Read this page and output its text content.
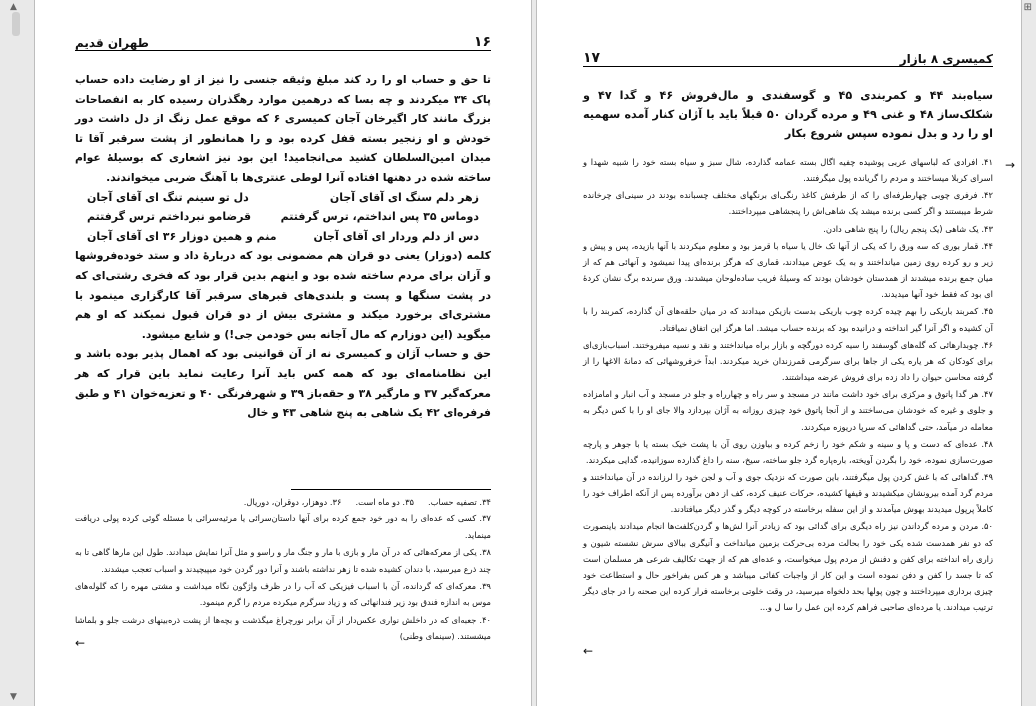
▲
▼
⊞
۱۶
طهران قدیم

تا حق و حساب او را رد کند مبلغ وثیقه جنسی را نیز از او رضایت داده حساب پاک ۳۴ میکردند و چه بسا که درهمین موارد رهگذران رسیده کار به انفصاحات بزرگ مانند کار اگیرخان آجان کمیسری ۶ که موقع عمل زنگ از دل داشت دور خودش و او زنجیر بسته قفل کرده بود و را همانطور از پشت سرقبر آقا تا میدان امین‌السلطان کشید می‌انجامید! این بود نیز اشعاری که بوسیلهٔ عوام ساخته شده در دهنها افتاده آنرا لوطی عنتری‌ها با آهنگ ضربی میخواندند.

زهر دلم سنگ ای آقای آجان
دل تو سینم تنگ ای آقای آجان
دوماس ۳۵ پس انداختم، ترس گرفتتم
قرضامو نبرداختم ترس گرفتتم
دس از دلم وردار ای آقای آجان
منم و همین دوزار ۳۶ ای آقای آجان

کلمه (دوزار) یعنی دو قران هم مضمونی بود که دربارهٔ داد و ستد خوده‌فروشها و آزان برای مردم ساخته شده بود و اینهم بدین قرار بود که فخری رشتی‌ای که در پشت سنگها و پست و بلندی‌های قبرهای سرقبر آقا کارگزاری مینمود با مشتری‌ای برخورد میکند و مشتری بیش از دو قران قبول نمیکند که او هم میگوید (این دوزارم که مال آجانه بس خودمن جی!) و شایع میشود.

حق و حساب آژان و کمیسری نه از آن قوانینی بود که اهمال پذیر بوده باشد و این نظامنامه‌ای بود که همه کس باید آنرا رعایت نماید باین قرار که هر معرکه‌گیر ۳۷ و مارگیر ۳۸ و حقه‌باز ۳۹ و شهرفرنگی ۴۰ و تعزیه‌خوان ۴۱ و طبق فرفره‌ای ۴۲ یک شاهی به پنج شاهی ۴۳ و خال

۳۴. تصفیه حساب.
۳۵. دو ماه است.
۳۶. دوهزار، دوقران، دوریال.

۳۷. کسی که عده‌ای را به دور خود جمع کرده برای آنها داستان‌سرائی یا مرثیه‌سرائی با مسئله گوئی کرده پولی دریافت مینماید.

۳۸. یکی از معرکه‌هائی که در آن مار و بازی با مار و جنگ مار و راسو و مثل آنرا نمایش میدادند. طول این مارها گاهی تا به چند ذرع میرسید، با دندان کشیده شده تا زهر نداشته باشند و آنرا دور گردن خود میپیچیدند و اسباب تعجب میشدند.

۳۹. معرکه‌ای که گردانده، آن با اسباب فیزیکی که آب را در ظرف واژگون نگاه میداشت و مشتی مهره را که گلوله‌های موس به اندازه فندق بود زیر فندانهائی که و زیاد سرگرم میکرده مردم را گرم مینمود.

۴۰. جعبه‌ای که در داخلش نواری عکس‌دار از آن برابر نورچراغ میگذشت و بچه‌ها از پشت ذره‌بینهای درشت جلو و بلماشا میشستند. (سینمای وطنی)

←
کمیسری ۸ بازار
۱۷

سیاه‌بند ۴۴ و کمربندی ۴۵ و گوسفندی و مال‌فروش ۴۶ و گدا ۴۷ و شکلک‌ساز ۴۸ و غنی ۴۹ و مرده گردان ۵۰ قبلاً باید با آژان کنار آمده سهمیه او را رد و بدل نموده سپس شروع بکار

۴۱. افرادی که لباسهای عربی پوشیده چفیه اگال بسته عمامه گذارده، شال سبز و سیاه بسته خود را شبیه شهدا و اسرای کربلا میساختند و مردم را گریانده پول میگرفتند.

۴۲. فرفری چوبی چهارطرفه‌ای را که از طرفش کاغذ رنگی‌ای برنگهای مختلف چسبانده بودند در سینی‌ای چرخانده شرط میبستند و اگر کسی برنده میشد یک شاهی‌اش را پنجشاهی میپرداختند.

۴۳. یک شاهی (یک پنجم ریال) را پنج شاهی دادن.

۴۴. قمار بوری که سه ورق را که یکی از آنها تک خال یا سیاه با قرمز بود و معلوم میکردند با آنها بازیده، پس و پیش و زیر و رو کرده روی زمین میانداختند و به یک عوض میدادند، قماری که هرگز برنده‌ای پیدا نمیشود و آنهائی هم که از میان جمع برنده میشدند از همدستان خودشان بودند که وسیلهٔ فریب ساده‌لوحان میشدند. ورق سرنده برگ نشان کردهٔ ای بود که فقط خود آنها میدیدند.

۴۵. کمربند باریکی را بهم چیده کرده چوب باریکی بدست بازیکن میدادند که در میان حلقه‌های آن گذارده، کمربند را با آن کشیده و اگر آنرا گیر انداخته و درانیده بود که برنده حساب میشد. اما هرگز این اتفاق نمیافتاد.

۴۶. چوبدارهائی که گله‌های گوسفند را سیه کرده دورگچه و بازار براه میانداختند و نقد و نسیه میفروختند. اسباب‌بازی‌ای برای کودکان که هر یاره یکی از جاها برای سرگرمی قمرزندان خرید میکردند. ابداً خرفروشهائی که دمانهٔ الاغها را از گرفته محاسن حیوان را داد زده برای فروش عرضه میداشتند.

۴۷. هر گدا پاتوق و مرکزی برای خود داشت مانند در مسجد و سر راه و چهارراه و جلو در مسجد و آب انبار و امامزاده و جلوی و غیره که خودشان می‌ساختند و از آنجا پاتوق خود چیزی روزانه به آژان بپردازد والا جای او را با کس دیگر به معامله در میآمد، حتی گداهائی که سرپا دریوزه میکردند.

۴۸. عده‌ای که دست و پا و سینه و شکم خود را زخم کرده و بیاوزن روی آن با پشت خیک بسته یا با جوهر و پارچه صورت‌سازی نموده، خود را بگردن آویخته، باره‌پاره گرد جلو ساخته، سیخ، سنه را داغ گذارده سوزانیده، گدایی میکردند.

۴۹. گداهائی که با غش کردن پول میگرفتند، باین صورت که نزدیک جوی و آب و لجن خود را لرزانده در آن میانداختند و مردم گرد آمده بیرونشان میکشیدند و قیفها کشیده، حرکات عنیف کرده، کف از دهن برآورده پس از آنکه اطراف خود را کاملاً پرپول میدیدند بهوش میآمدند و از این سفله برخاسته در کوچه دیگر و گذر دیگر میافتادند.

۵۰. مردن و مرده گرداندن نیز راه دیگری برای گدائی بود که زیادتر آنرا لش‌ها و گردن‌کلفت‌ها انجام میدادند باینصورت که دو نفر همدست شده یکی خود را بحالت مرده بی‌حرکت بزمین میانداخت و آنیگری ببالای سرش نشسته شیون و زاری راه انداخته برای کفن و دفنش از مردم پول میخواست، و عده‌ای هم که از جهت تکالیف شرعی هر مسلمان است که تا جسد را کفن و دفن نموده است و این کار از واجبات کفائی میباشد و هر کس بفراخور حال و استطاعت خود چیزی برداری میپرداختند و چون پولها بحد دلخواه میرسید، در وقت خلوتی برخاسته فرار کرده این صحنه را در جای دیگر ترتیب میدادند. یا مرده‌ای صاحبی فراهم کرده این عمل را سا ل و...

→
←
